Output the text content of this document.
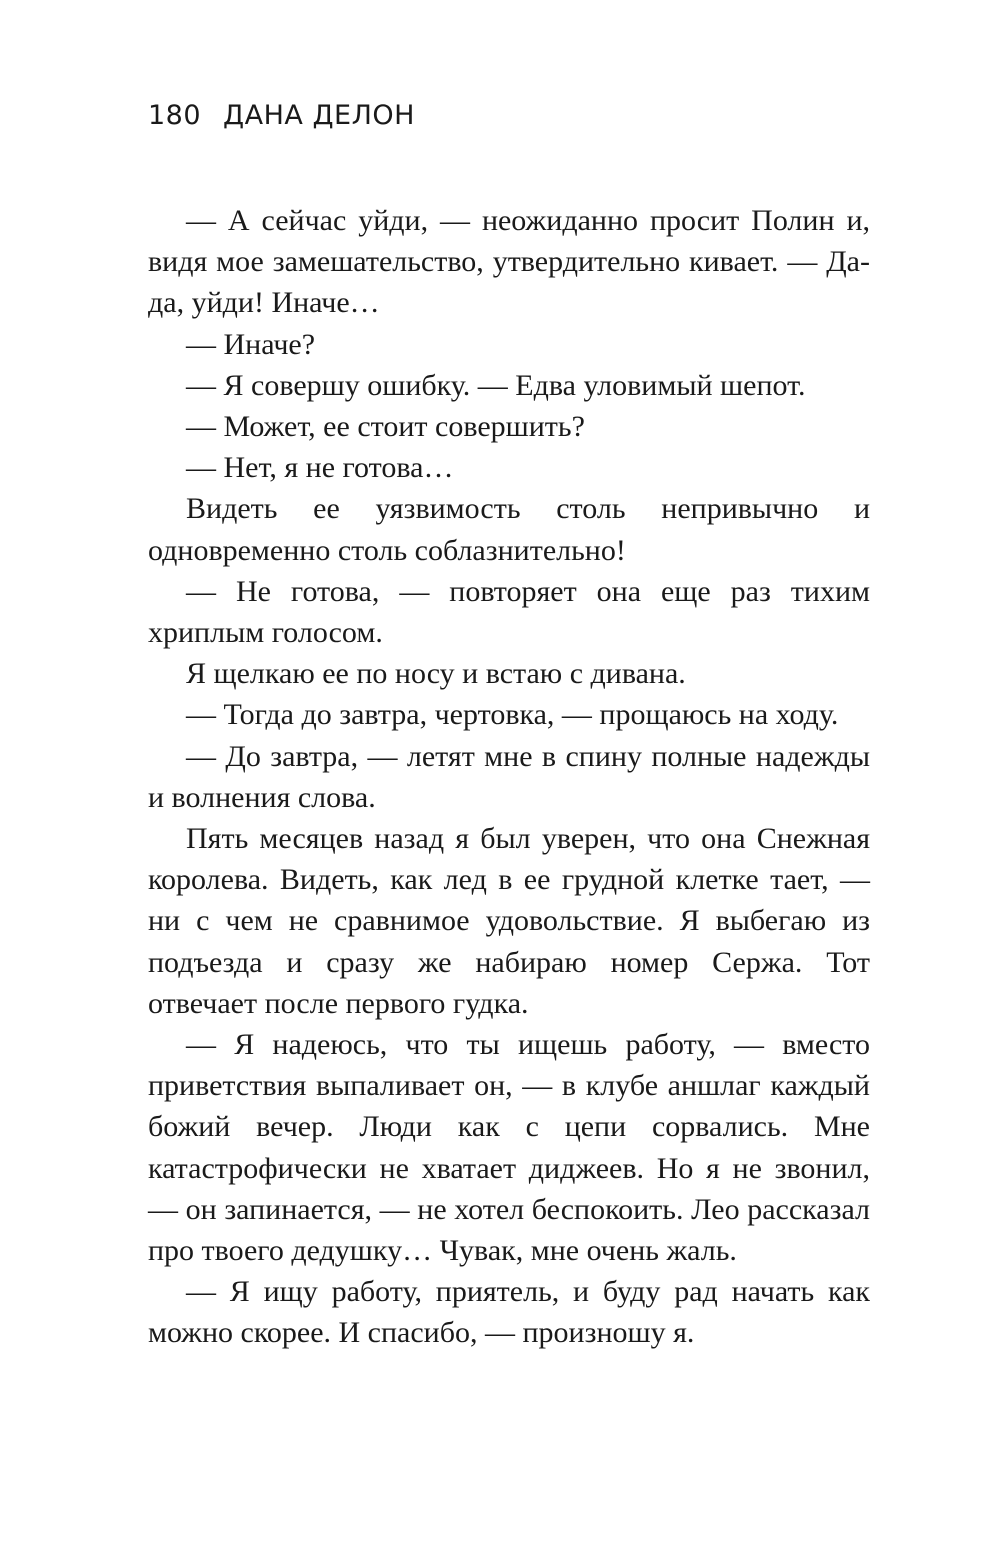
180 ДАНА ДЕЛОН

— А сейчас уйди, — неожиданно просит Полин и, видя мое замешательство, утвердительно кивает. — Да-да, уйди! Иначе…

— Иначе?

— Я совершу ошибку. — Едва уловимый шепот.

— Может, ее стоит совершить?

— Нет, я не готова…

Видеть ее уязвимость столь непривычно и одновременно столь соблазнительно!

— Не готова, — повторяет она еще раз тихим хриплым голосом.

Я щелкаю ее по носу и встаю с дивана.

— Тогда до завтра, чертовка, — прощаюсь на ходу.

— До завтра, — летят мне в спину полные надежды и волнения слова.

Пять месяцев назад я был уверен, что она Снежная королева. Видеть, как лед в ее грудной клетке тает, — ни с чем не сравнимое удовольствие. Я выбегаю из подъезда и сразу же набираю номер Сержа. Тот отвечает после первого гудка.

— Я надеюсь, что ты ищешь работу, — вместо приветствия выпаливает он, — в клубе аншлаг каждый божий вечер. Люди как с цепи сорвались. Мне катастрофически не хватает диджеев. Но я не звонил, — он запинается, — не хотел беспокоить. Лео рассказал про твоего дедушку… Чувак, мне очень жаль.

— Я ищу работу, приятель, и буду рад начать как можно скорее. И спасибо, — произношу я.
